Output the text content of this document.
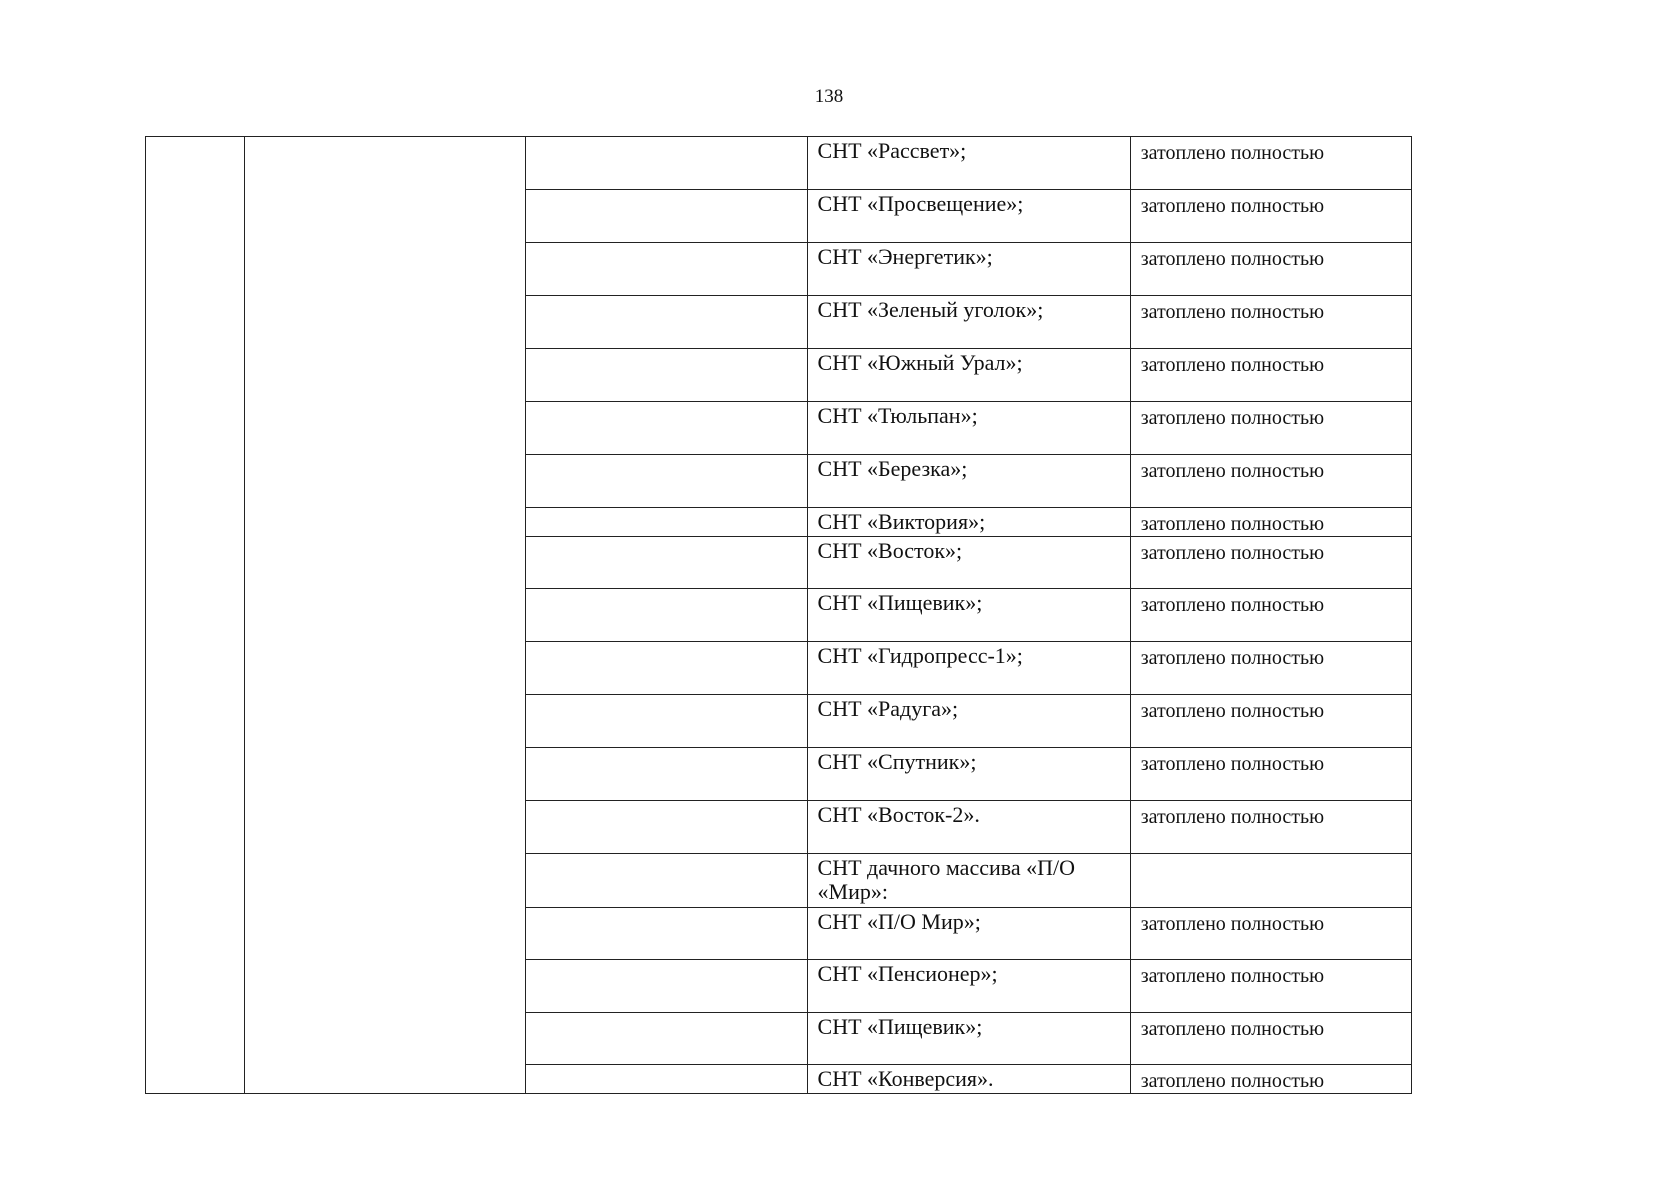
138

			СНТ «Рассвет»;	затоплено полностью

			СНТ «Просвещение»;	затоплено полностью

			СНТ «Энергетик»;	затоплено полностью

			СНТ «Зеленый уголок»;	затоплено полностью

			СНТ «Южный Урал»;	затоплено полностью

			СНТ «Тюльпан»;	затоплено полностью

			СНТ «Березка»;	затоплено полностью

			СНТ «Виктория»;	затоплено полностью

			СНТ «Восток»;	затоплено полностью

			СНТ «Пищевик»;	затоплено полностью

			СНТ «Гидропресс-1»;	затоплено полностью

			СНТ «Радуга»;	затоплено полностью

			СНТ «Спутник»;	затоплено полностью

			СНТ «Восток-2».	затоплено полностью

			СНТ дачного массива «П/О «Мир»:	

			СНТ «П/О Мир»;	затоплено полностью

			СНТ «Пенсионер»;	затоплено полностью

			СНТ «Пищевик»;	затоплено полностью

			СНТ «Конверсия».	затоплено полностью
